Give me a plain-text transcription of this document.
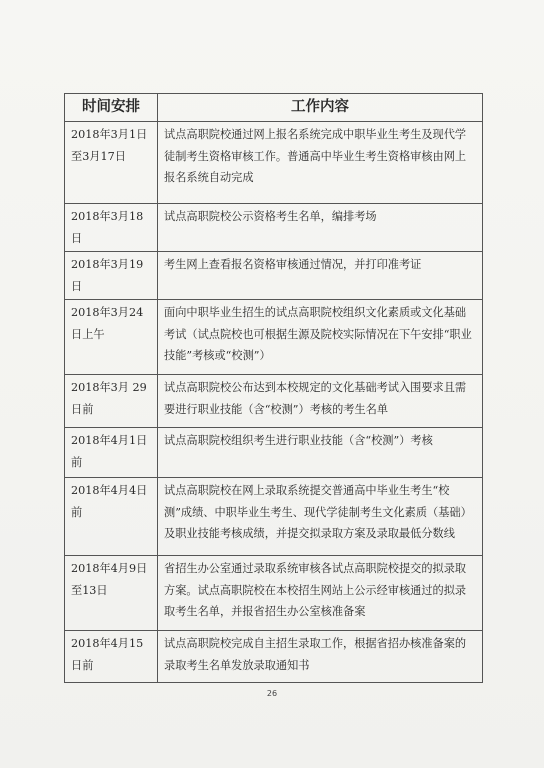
时间安排	工作内容
2018年3月1日至3月17日	试点高职院校通过网上报名系统完成中职毕业生考生及现代学徒制考生资格审核工作。普通高中毕业生考生资格审核由网上报名系统自动完成
2018年3月18日	试点高职院校公示资格考生名单，编排考场
2018年3月19日	考生网上查看报名资格审核通过情况，并打印准考证
2018年3月24日上午	面向中职毕业生招生的试点高职院校组织文化素质或文化基础考试（试点院校也可根据生源及院校实际情况在下午安排“职业技能”考核或“校测”）
2018年3月 29日前	试点高职院校公布达到本校规定的文化基础考试入围要求且需要进行职业技能（含“校测”）考核的考生名单
2018年4月1日前	试点高职院校组织考生进行职业技能（含“校测”）考核
2018年4月4日前	试点高职院校在网上录取系统提交普通高中毕业生考生“校测”成绩、中职毕业生考生、现代学徒制考生文化素质（基础）及职业技能考核成绩，并提交拟录取方案及录取最低分数线
2018年4月9日至13日	省招生办公室通过录取系统审核各试点高职院校提交的拟录取方案。试点高职院校在本校招生网站上公示经审核通过的拟录取考生名单，并报省招生办公室核准备案
2018年4月15日前	试点高职院校完成自主招生录取工作，根据省招办核准备案的录取考生名单发放录取通知书
26
